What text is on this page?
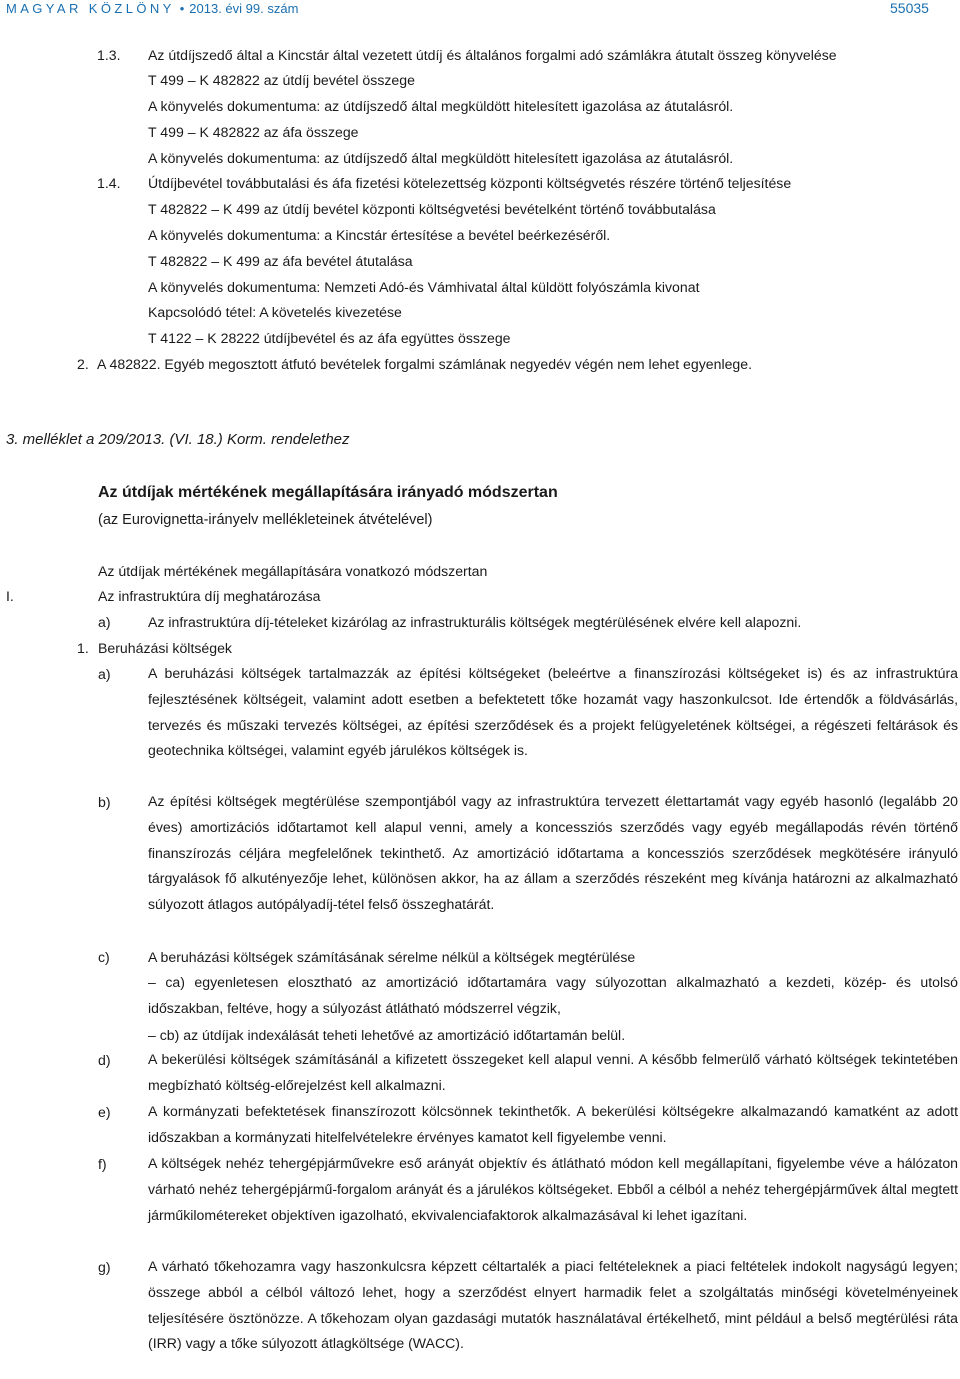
MAGYAR KÖZLÖNY • 2013. évi 99. szám	55035
1.3. Az útdíjszedő által a Kincstár által vezetett útdíj és általános forgalmi adó számlákra átutalt összeg könyvelése
T 499 – K 482822 az útdíj bevétel összege
A könyvelés dokumentuma: az útdíjszedő által megküldött hitelesített igazolása az átutalásról.
T 499 – K 482822 az áfa összege
A könyvelés dokumentuma: az útdíjszedő által megküldött hitelesített igazolása az átutalásról.
1.4. Útdíjbevétel továbbutalási és áfa fizetési kötelezettség központi költségvetés részére történő teljesítése
T 482822 – K 499 az útdíj bevétel központi költségvetési bevételként történő továbbutalása
A könyvelés dokumentuma: a Kincstár értesítése a bevétel beérkezéséről.
T 482822 – K 499 az áfa bevétel átutalása
A könyvelés dokumentuma: Nemzeti Adó-és Vámhivatal által küldött folyószámla kivonat
Kapcsolódó tétel: A követelés kivezetése
T 4122 – K 28222 útdíjbevétel és az áfa együttes összege
2. A 482822. Egyéb megosztott átfutó bevételek forgalmi számlának negyedév végén nem lehet egyenlege.
3. melléklet a 209/2013. (VI. 18.) Korm. rendelethez
Az útdíjak mértékének megállapítására irányadó módszertan
(az Eurovignetta-irányelv mellékleteinek átvételével)
Az útdíjak mértékének megállapítására vonatkozó módszertan
I.	Az infrastruktúra díj meghatározása
a)	Az infrastruktúra díj-tételeket kizárólag az infrastrukturális költségek megtérülésének elvére kell alapozni.
1. Beruházási költségek
a)	A beruházási költségek tartalmazzák az építési költségeket (beleértve a finanszírozási költségeket is) és az infrastruktúra fejlesztésének költségeit, valamint adott esetben a befektetett tőke hozamát vagy haszonkulcsot. Ide értendők a földvásárlás, tervezés és műszaki tervezés költségei, az építési szerződések és a projekt felügyeletének költségei, a régészeti feltárások és geotechnika költségei, valamint egyéb járulékos költségek is.
b)	Az építési költségek megtérülése szempontjából vagy az infrastruktúra tervezett élettartamát vagy egyéb hasonló (legalább 20 éves) amortizációs időtartamot kell alapul venni, amely a koncessziós szerződés vagy egyéb megállapodás révén történő finanszírozás céljára megfelelőnek tekinthető. Az amortizáció időtartama a koncessziós szerződések megkötésére irányuló tárgyalások fő alkutényezője lehet, különösen akkor, ha az állam a szerződés részeként meg kívánja határozni az alkalmazható súlyozott átlagos autópályadíj-tétel felső összeghatárát.
c)	A beruházási költségek számításának sérelme nélkül a költségek megtérülése
– ca) egyenletesen elosztható az amortizáció időtartamára vagy súlyozottan alkalmazható a kezdeti, közép- és utolsó időszakban, feltéve, hogy a súlyozást átlátható módszerrel végzik,
– cb) az útdíjak indexálását teheti lehetővé az amortizáció időtartamán belül.
d)	A bekerülési költségek számításánál a kifizetett összegeket kell alapul venni. A később felmerülő várható költségek tekintetében megbízható költség-előrejelzést kell alkalmazni.
e)	A kormányzati befektetések finanszírozott kölcsönnek tekinthetők. A bekerülési költségekre alkalmazandó kamatként az adott időszakban a kormányzati hitelfelvételekre érvényes kamatot kell figyelembe venni.
f)	A költségek nehéz tehergépjárművekre eső arányát objektív és átlátható módon kell megállapítani, figyelembe véve a hálózaton várható nehéz tehergépjármű-forgalom arányát és a járulékos költségeket. Ebből a célból a nehéz tehergépjárművek által megtett járműkilométereket objektíven igazolható, ekvivalenciafaktorok alkalmazásával ki lehet igazítani.
g)	A várható tőkehozamra vagy haszonkulcsra képzett céltartalék a piaci feltételeknek a piaci feltételek indokolt nagyságú legyen; összege abból a célból változó lehet, hogy a szerződést elnyert harmadik felet a szolgáltatás minőségi követelményeinek teljesítésére ösztönözze. A tőkehozam olyan gazdasági mutatók használatával értékelhető, mint például a belső megtérülési ráta (IRR) vagy a tőke súlyozott átlagköltsége (WACC).
